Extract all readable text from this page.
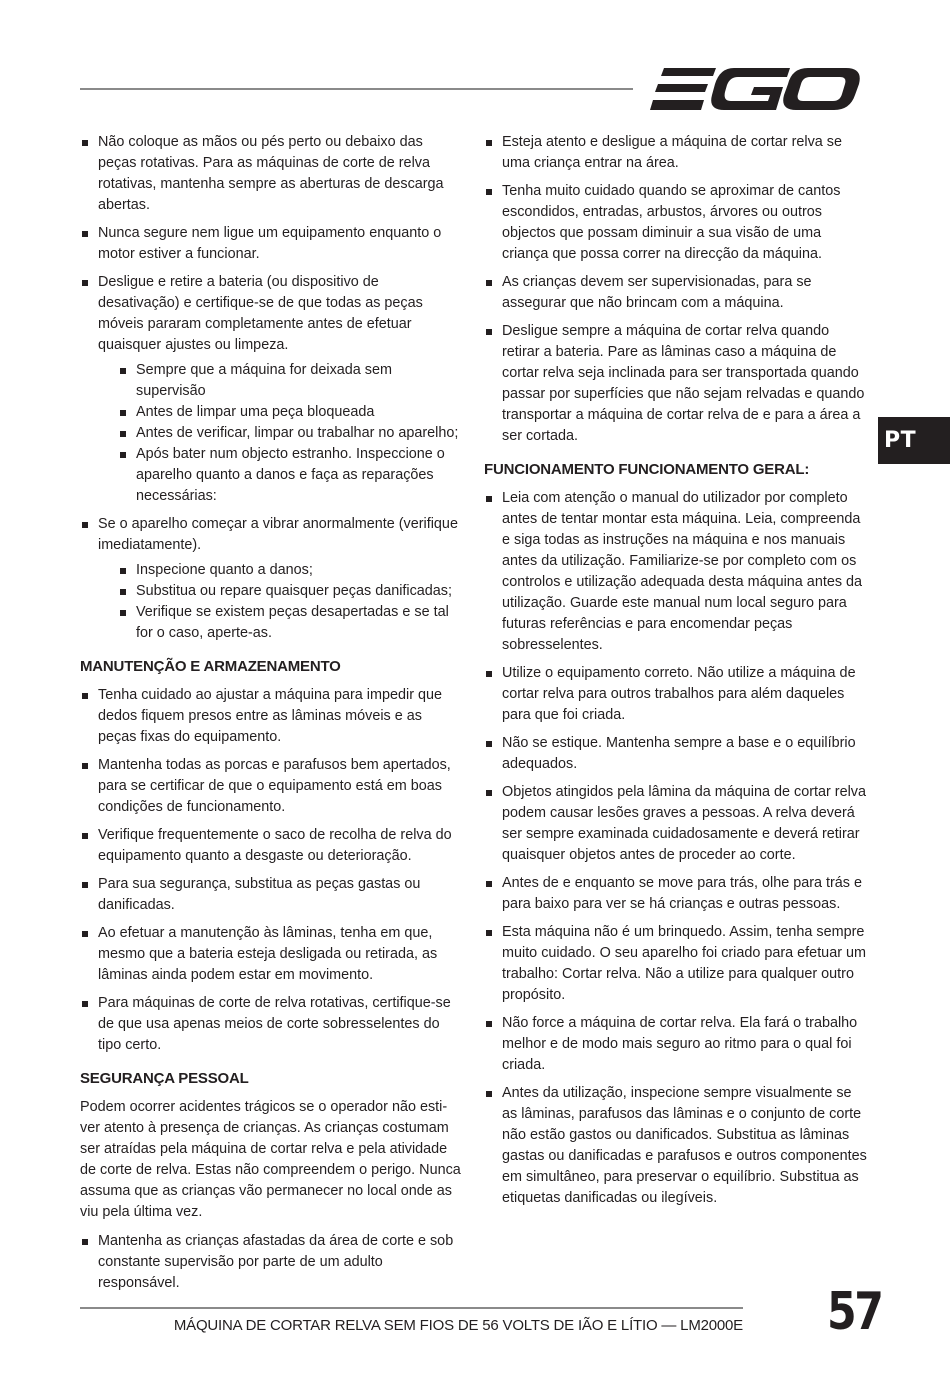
PT
Não coloque as mãos ou pés perto ou debaixo das peças rotativas. Para as máquinas de corte de relva rotativas, mantenha sempre as aberturas de descarga abertas.
Nunca segure nem ligue um equipamento enquanto o motor estiver a funcionar.
Desligue e retire a bateria (ou dispositivo de desativação) e certifique-se de que todas as peças móveis pararam completamente antes de efetuar quaisquer ajustes ou limpeza.
Sempre que a máquina for deixada sem supervisão
Antes de limpar uma peça bloqueada
Antes de verificar, limpar ou trabalhar no aparelho;
Após bater num objecto estranho. Inspeccione o aparelho quanto a danos e faça as reparações necessárias:
Se o aparelho começar a vibrar anormalmente (verifique imediatamente).
Inspecione quanto a danos;
Substitua ou repare quaisquer peças danificadas;
Verifique se existem peças desapertadas e se tal for o caso, aperte-as.
MANUTENÇÃO E ARMAZENAMENTO
Tenha cuidado ao ajustar a máquina para impedir que dedos fiquem presos entre as lâminas móveis e as peças fixas do equipamento.
Mantenha todas as porcas e parafusos bem apertados, para se certificar de que o equipamento está em boas condições de funcionamento.
Verifique frequentemente o saco de recolha de relva do equipamento quanto a desgaste ou deterioração.
Para sua segurança, substitua as peças gastas ou danificadas.
Ao efetuar a manutenção às lâminas, tenha em que, mesmo que a bateria esteja desligada ou retirada, as lâminas ainda podem estar em movimento.
Para máquinas de corte de relva rotativas, certifique-se de que usa apenas meios de corte sobresselentes do tipo certo.
SEGURANÇA PESSOAL

Podem ocorrer acidentes trágicos se o operador não esti-ver atento à presença de crianças. As crianças costumam ser atraídas pela máquina de cortar relva e pela atividade de corte de relva. Estas não compreendem o perigo. Nunca assuma que as crianças vão permanecer no local onde as viu pela última vez.

Mantenha as crianças afastadas da área de corte e sob constante supervisão por parte de um adulto responsável.
Esteja atento e desligue a máquina de cortar relva se uma criança entrar na área.
Tenha muito cuidado quando se aproximar de cantos escondidos, entradas, arbustos, árvores ou outros objectos que possam diminuir a sua visão de uma criança que possa correr na direcção da máquina.
As crianças devem ser supervisionadas, para se assegurar que não brincam com a máquina.
Desligue sempre a máquina de cortar relva quando retirar a bateria. Pare as lâminas caso a máquina de cortar relva seja inclinada para ser transportada quando passar por superfícies que não sejam relvadas e quando transportar a máquina de cortar relva de e para a área a ser cortada.
FUNCIONAMENTO FUNCIONAMENTO GERAL:
Leia com atenção o manual do utilizador por completo antes de tentar montar esta máquina. Leia, compreenda e siga todas as instruções na máquina e nos manuais antes da utilização. Familiarize-se por completo com os controlos e utilização adequada desta máquina antes da utilização. Guarde este manual num local seguro para futuras referências e para encomendar peças sobresselentes.
Utilize o equipamento correto. Não utilize a máquina de cortar relva para outros trabalhos para além daqueles para que foi criada.
Não se estique. Mantenha sempre a base e o equilíbrio adequados.
Objetos atingidos pela lâmina da máquina de cortar relva podem causar lesões graves a pessoas. A relva deverá ser sempre examinada cuidadosamente e deverá retirar quaisquer objetos antes de proceder ao corte.
Antes de e enquanto se move para trás, olhe para trás e para baixo para ver se há crianças e outras pessoas.
Esta máquina não é um brinquedo. Assim, tenha sempre muito cuidado. O seu aparelho foi criado para efetuar um trabalho: Cortar relva. Não a utilize para qualquer outro propósito.
Não force a máquina de cortar relva. Ela fará o trabalho melhor e de modo mais seguro ao ritmo para o qual foi criada.
Antes da utilização, inspecione sempre visualmente se as lâminas, parafusos das lâminas e o conjunto de corte não estão gastos ou danificados. Substitua as lâminas gastas ou danificadas e parafusos e outros componentes em simultâneo, para preservar o equilíbrio. Substitua as etiquetas danificadas ou ilegíveis.
MÁQUINA DE CORTAR RELVA SEM FIOS DE 56 VOLTS DE IÃO E LÍTIO — LM2000E 57
